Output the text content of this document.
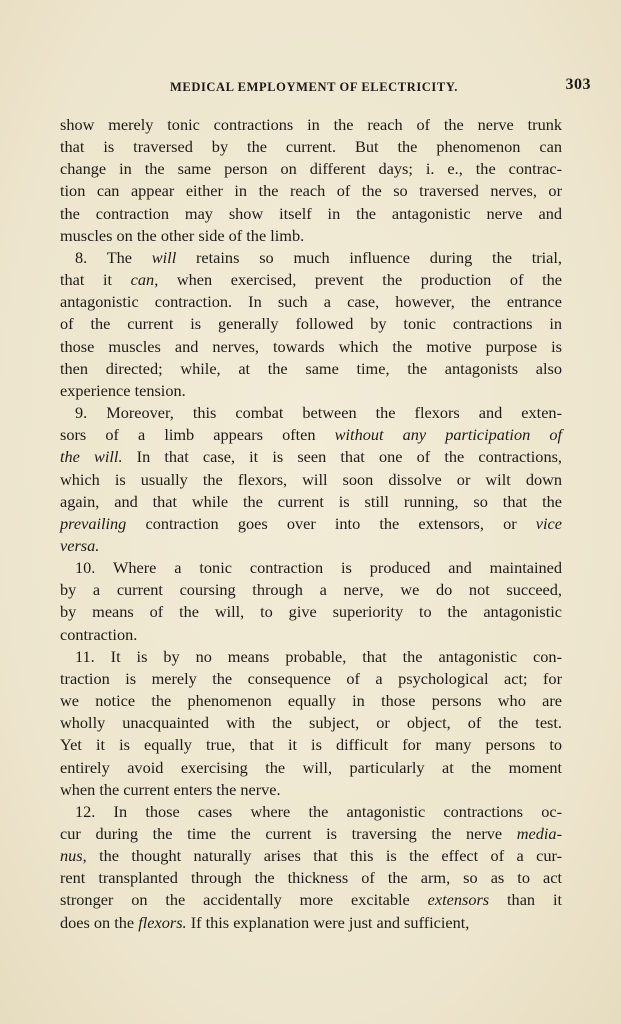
MEDICAL EMPLOYMENT OF ELECTRICITY.	303
show merely tonic contractions in the reach of the nerve trunk
that is traversed by the current. But the phenomenon can
change in the same person on different days; i. e., the contrac-
tion can appear either in the reach of the so traversed nerves, or
the contraction may show itself in the antagonistic nerve and
muscles on the other side of the limb.
8. The will retains so much influence during the trial,
that it can, when exercised, prevent the production of the
antagonistic contraction. In such a case, however, the entrance
of the current is generally followed by tonic contractions in
those muscles and nerves, towards which the motive purpose is
then directed; while, at the same time, the antagonists also
experience tension.
9. Moreover, this combat between the flexors and exten-
sors of a limb appears often without any participation of
the will. In that case, it is seen that one of the contractions,
which is usually the flexors, will soon dissolve or wilt down
again, and that while the current is still running, so that the
prevailing contraction goes over into the extensors, or vice
versa.
10. Where a tonic contraction is produced and maintained
by a current coursing through a nerve, we do not succeed,
by means of the will, to give superiority to the antagonistic
contraction.
11. It is by no means probable, that the antagonistic con-
traction is merely the consequence of a psychological act; for
we notice the phenomenon equally in those persons who are
wholly unacquainted with the subject, or object, of the test.
Yet it is equally true, that it is difficult for many persons to
entirely avoid exercising the will, particularly at the moment
when the current enters the nerve.
12. In those cases where the antagonistic contractions oc-
cur during the time the current is traversing the nerve media-
nus, the thought naturally arises that this is the effect of a cur-
rent transplanted through the thickness of the arm, so as to act
stronger on the accidentally more excitable extensors than it
does on the flexors. If this explanation were just and sufficient,
